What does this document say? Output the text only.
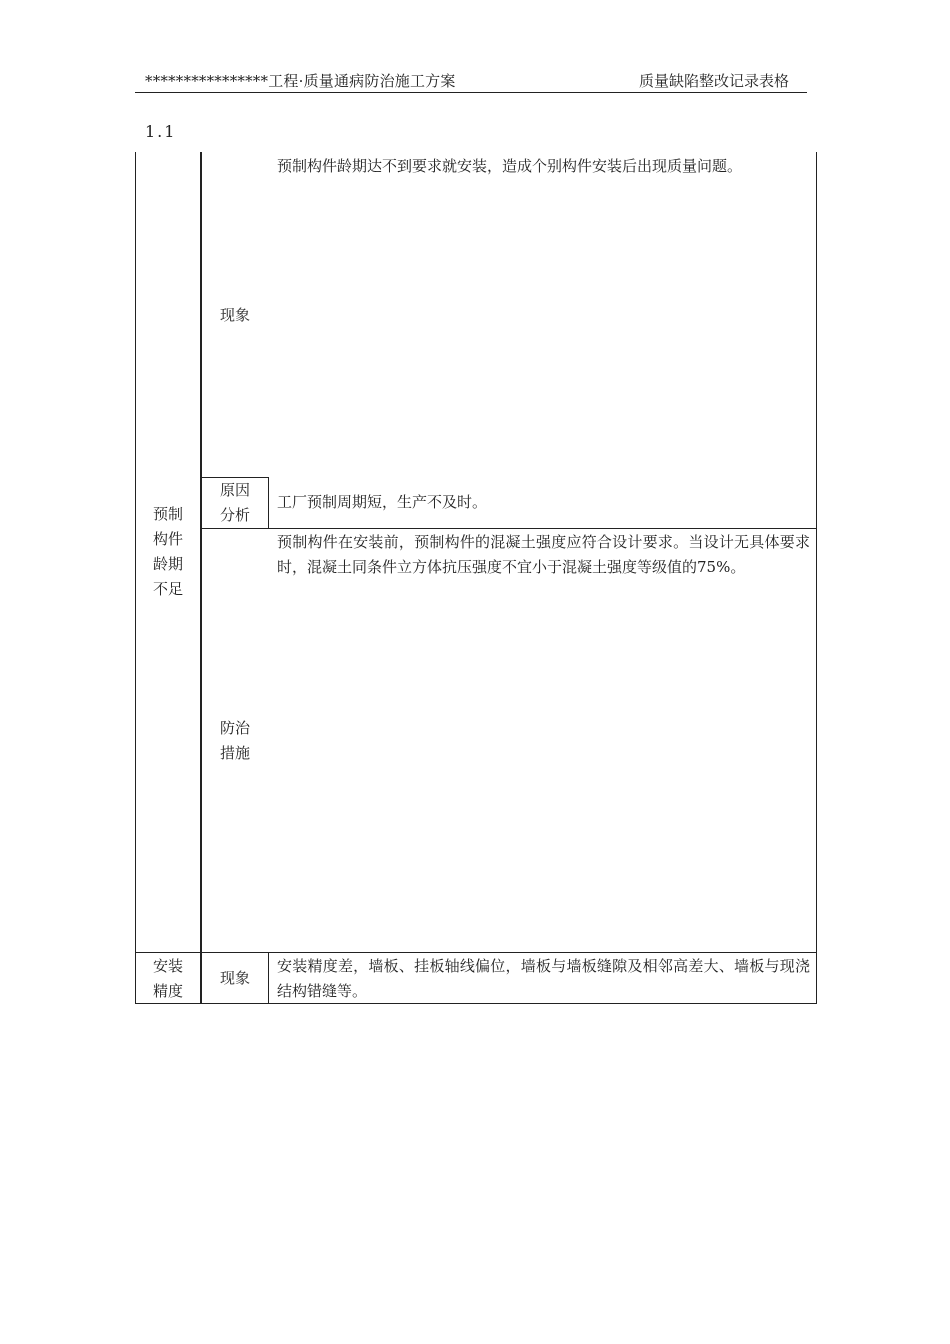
****************工程·质量通病防治施工方案	质量缺陷整改记录表格
1.1
预制
构件
龄期
不足
现象
预制构件龄期达不到要求就安装，造成个别构件安装后出现质量问题。
原因
分析
工厂预制周期短，生产不及时。
防治
措施
预制构件在安装前，预制构件的混凝土强度应符合设计要求。当设计无具体要求时，混凝土同条件立方体抗压强度不宜小于混凝土强度等级值的75%。
安装
精度
现象
安装精度差，墙板、挂板轴线偏位，墙板与墙板缝隙及相邻高差大、墙板与现浇结构错缝等。
